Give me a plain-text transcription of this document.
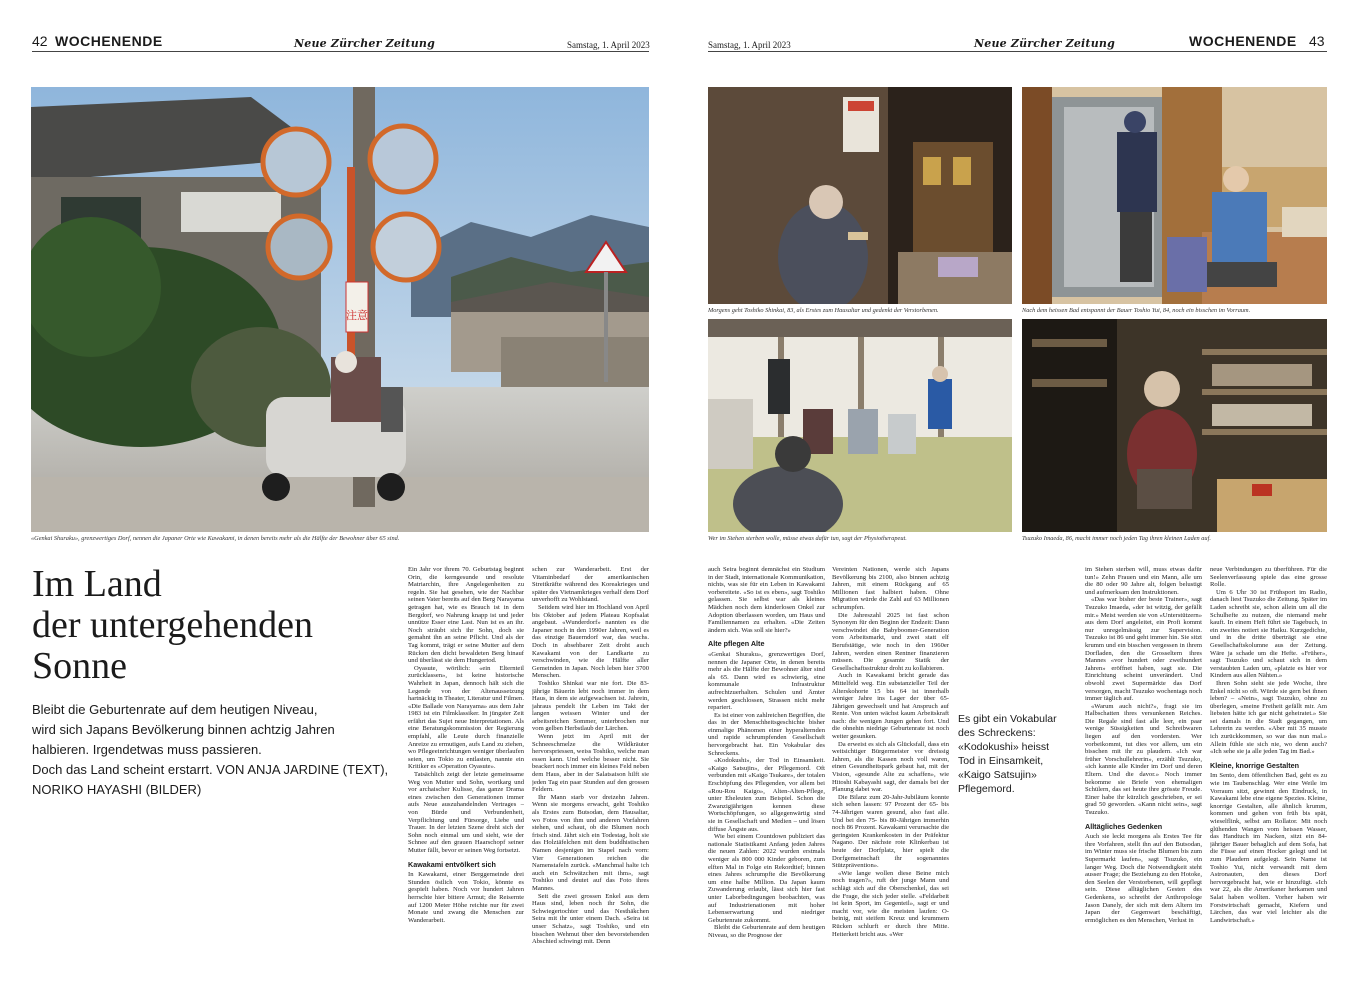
42 WOCHENENDE	Neue Zürcher Zeitung	Samstag, 1. April 2023	Samstag, 1. April 2023	Neue Zürcher Zeitung	WOCHENENDE 43
注意
«Genkai Shuraku», grenzwertiges Dorf, nennen die Japaner Orte wie Kawakami, in denen bereits mehr als die Hälfte der Bewohner über 65 sind.
Morgens geht Toshiko Shinkai, 83, als Erstes zum Hausaltar und gedenkt der Verstorbenen.	Nach dem heissen Bad entspannt der Bauer Toshio Yui, 84, noch ein bisschen im Vorraum.
Wer im Stehen sterben wolle, müsse etwas dafür tun, sagt der Physiotherapeut.	Tsuzuko Imaeda, 86, macht immer noch jeden Tag ihren kleinen Laden auf.
Im Land
der untergehenden
Sonne
Bleibt die Geburtenrate auf dem heutigen Niveau,
wird sich Japans Bevölkerung binnen achtzig Jahren
halbieren. Irgendetwas muss passieren.
Doch das Land scheint erstarrt. VON ANJA JARDINE (TEXT),
NORIKO HAYASHI (BILDER)

Ein Jahr vor ihrem 70. Geburtstag beginnt Orin, die kerngesunde und resolute Matriarchin, ihre Angelegenheiten zu regeln. Sie hat gesehen, wie der Nachbar seinen Vater bereits auf den Berg Narayama getragen hat, wie es Brauch ist in dem Bergdorf, wo Nahrung knapp ist und jeder unnütze Esser eine Last. Nun ist es an ihr. Noch sträubt sich ihr Sohn, doch sie gemahnt ihn an seine Pflicht. Und als der Tag kommt, trägt er seine Mutter auf dem Rücken den dicht bewaldeten Berg hinauf und überlässt sie dem Hungertod.

Oyasute, wörtlich: «ein Elternteil zurücklassen», ist keine historische Wahrheit in Japan, dennoch hält sich die Legende von der Altenaussetzung hartnäckig in Theater, Literatur und Filmen. «Die Ballade von Narayama» aus dem Jahr 1983 ist ein Filmklassiker. In jüngster Zeit erfährt das Sujet neue Interpretationen. Als eine Beratungskommission der Regierung empfahl, alle Leute durch finanzielle Anreize zu ermutigen, aufs Land zu ziehen, wo Pflegeeinrichtungen weniger überlaufen seien, um Tokio zu entlasten, nannte ein Kritiker es «Operation Oyasute».

Tatsächlich zeigt der letzte gemeinsame Weg von Mutter und Sohn, wortkarg und vor archaischer Kulisse, das ganze Drama eines zwischen den Generationen immer aufs Neue auszuhandelnden Vertrages – von Bürde und Verbundenheit, Verpflichtung und Fürsorge, Liebe und Trauer. In der letzten Szene dreht sich der Sohn noch einmal um und sieht, wie der Schnee auf den grauen Haarschopf seiner Mutter fällt, bevor er seinen Weg fortsetzt.

Kawakami entvölkert sich

In Kawakami, einer Berggemeinde drei Stunden östlich von Tokio, könnte es gespielt haben. Noch vor hundert Jahren herrschte hier bittere Armut; die Reisernte auf 1200 Meter Höhe reichte nur für zwei Monate und zwang die Menschen zur Wanderarbeit.

schen zur Wanderarbeit. Erst der Vitaminbedarf der amerikanischen Streitkräfte während des Koreakrieges und später des Vietnamkrieges verhalf dem Dorf unverhofft zu Wohlstand.

Seitdem wird hier im Hochland von April bis Oktober auf jedem Plateau Kopfsalat angebaut. «Wunderdorf» nannten es die Japaner noch in den 1990er Jahren, weil es das einzige Bauerndorf war, das wuchs. Doch in absehbarer Zeit droht auch Kawakami von der Landkarte zu verschwinden, wie die Hälfte aller Gemeinden in Japan. Noch leben hier 3700 Menschen.

Toshiko Shinkai war nie fort. Die 83-jährige Bäuerin lebt noch immer in dem Haus, in dem sie aufgewachsen ist. Jahrein, jahraus pendelt ihr Leben im Takt der langen weissen Winter und der arbeitsreichen Sommer, unterbrochen nur vom gelben Herbstlaub der Lärchen.

Wenn jetzt im April mit der Schneeschmelze die Wildkräuter hervorspriessen, weiss Toshiko, welche man essen kann. Und welche besser nicht. Sie beackert noch immer ein kleines Feld neben dem Haus, aber in der Salatsaison hilft sie jeden Tag ein paar Stunden auf den grossen Feldern.

Ihr Mann starb vor dreizehn Jahren. Wenn sie morgens erwacht, geht Toshiko als Erstes zum Butsodan, dem Hausaltar, wo Fotos von ihm und anderen Vorfahren stehen, und schaut, ob die Blumen noch frisch sind. Jährt sich ein Todestag, holt sie das Holztäfelchen mit dem buddhistischen Namen desjenigen im Stapel nach vorn: Vier Generationen reichen die Namenstafeln zurück. «Manchmal halte ich auch ein Schwätzchen mit ihm», sagt Toshiko und deutet auf das Foto ihres Mannes.

Seit die zwei grossen Enkel aus dem Haus sind, leben noch ihr Sohn, die Schwiegertochter und das Nesthäkchen Seira mit ihr unter einem Dach. «Seira ist unser Schatz», sagt Toshiko, und ein bisschen Wehmut über den bevorstehenden Abschied schwingt mit. Denn

auch Seira beginnt demnächst ein Studium in der Stadt, internationale Kommunikation, nichts, was sie für ein Leben in Kawakami vorbereitete. «So ist es eben», sagt Toshiko gelassen. Sie selbst war als kleines Mädchen noch dem kinderlosen Onkel zur Adoption überlassen worden, um Haus und Familiennamen zu erhalten. «Die Zeiten ändern sich. Was soll sie hier?»

Alte pflegen Alte

«Genkai Shuraku», grenzwertiges Dorf, nennen die Japaner Orte, in denen bereits mehr als die Hälfte der Bewohner älter sind als 65. Dann wird es schwierig, eine kommunale Infrastruktur aufrechtzuerhalten. Schulen und Ämter werden geschlossen, Strassen nicht mehr repariert.

Es ist einer von zahlreichen Begriffen, die das in der Menschheitsgeschichte bisher einmalige Phänomen einer hyperalternden und rapide schrumpfenden Gesellschaft hervorgebracht hat. Ein Vokabular des Schreckens.

«Kodokushi», der Tod in Einsamkeit. «Kaigo Satsujin», der Pflegemord. Oft verbunden mit «Kaigo Tsukare», der totalen Erschöpfung des Pflegenden, vor allem bei «Rou-Rou Kaigo», Alten-Alten-Pflege, unter Eheleuten zum Beispiel. Schon die Zwanzigjährigen kennen diese Wortschöpfungen, so allgegenwärtig sind sie in Gesellschaft und Medien – und lösen diffuse Ängste aus.

Wie bei einem Countdown publiziert das nationale Statistikamt Anfang jeden Jahres die neuen Zahlen: 2022 wurden erstmals weniger als 800 000 Kinder geboren, zum elften Mal in Folge ein Rekordtief; binnen eines Jahres schrumpfte die Bevölkerung um eine halbe Million. Da Japan kaum Zuwanderung erlaubt, lässt sich hier fast unter Laborbedingungen beobachten, was auf Industrienationen mit hoher Lebenserwartung und niedriger Geburtenrate zukommt.

Bleibt die Geburtenrate auf dem heutigen Niveau, so die Prognose der

Vereinten Nationen, werde sich Japans Bevölkerung bis 2100, also binnen achtzig Jahren, mit einem Rückgang auf 65 Millionen fast halbiert haben. Ohne Migration würde die Zahl auf 63 Millionen schrumpfen.

Die Jahreszahl 2025 ist fast schon Synonym für den Beginn der Endzeit: Dann verschwindet die Babyboomer-Generation vom Arbeitsmarkt, und zwei statt elf Berufstätige, wie noch in den 1960er Jahren, werden einen Rentner finanzieren müssen. Die gesamte Statik der Gesellschaftsstruktur droht zu kollabieren.

Auch in Kawakami bricht gerade das Mittelfeld weg. Ein substanzieller Teil der Alterskohorte 15 bis 64 ist innerhalb weniger Jahre ins Lager der über 65-Jährigen gewechselt und hat Anspruch auf Rente. Von unten wächst kaum Arbeitskraft nach: die wenigen Jungen gehen fort. Und die ohnehin niedrige Geburtenrate ist noch weiter gesunken.

Da erweist es sich als Glücksfall, dass ein weitsichtiger Bürgermeister vor dreissig Jahren, als die Kassen noch voll waren, einen Gesundheitspark gebaut hat, mit der Vision, «gesunde Alte zu schaffen», wie Hitoshi Kabayashi sagt, der damals bei der Planung dabei war.

Die Bilanz zum 20-Jahr-Jubiläum konnte sich sehen lassen: 97 Prozent der 65- bis 74-Jährigen waren gesund, also fast alle. Und bei den 75- bis 80-Jährigen immerhin noch 86 Prozent. Kawakami verursachte die geringsten Krankenkosten in der Präfektur Nagano. Der nächste rote Klinkerbau ist heute der Dorfplatz, hier spielt die Dorfgemeinschaft ihr sogenanntes Stützprävention».

«Wie lange wollen diese Beine mich noch tragen?», ruft der junge Mann und schlägt sich auf die Oberschenkel, das sei die Frage, die sich jeder stelle. «Feldarbeit ist kein Sport, im Gegenteil», sagt er und macht vor, wie die meisten laufen: O-beinig, mit steifem Kreuz und krummem Rücken schlurft er durch ihre Mitte. Heiterkeit bricht aus. «Wer

Es gibt ein Vokabular
des Schreckens:
«Kodokushi» heisst
Tod in Einsamkeit,
«Kaigo Satsujin»
Pflegemord.

im Stehen sterben will, muss etwas dafür tun!» Zehn Frauen und ein Mann, alle um die 80 oder 90 Jahre alt, folgen belustigt und aufmerksam den Instruktionen.

«Das war bisher der beste Trainer», sagt Tsuzuko Imaeda, «der ist witzig, der gefällt mir.» Meist werden sie von «Unterstützern» aus dem Dorf angeleitet, ein Profi kommt nur unregelmässig zur Supervision. Tsuzuko ist 86 und geht immer hin. Sie sitzt krumm und ein bisschen vergessen in ihrem Dorfladen, den die Grosseltern ihres Mannes «vor hundert oder zweihundert Jahren» eröffnet haben, sagt sie. Die Einrichtung scheint unverändert. Und obwohl zwei Supermärkte das Dorf versorgen, macht Tsuzuko wochentags noch immer täglich auf.

«Warum auch nicht?», fragt sie im Halbschatten ihres versunkenen Reiches. Die Regale sind fast alle leer, ein paar wenige Süssigkeiten und Schreibwaren liegen auf den vordersten. Wer vorbeikommt, tut dies vor allem, um ein bisschen mit ihr zu plaudern. «Ich war früher Vorschullehrerin», erzählt Tsuzuko, «ich kannte alle Kinder im Dorf und deren Eltern. Und die davor.» Noch immer bekomme sie Briefe von ehemaligen Schülern, das sei heute ihre grösste Freude. Einer habe ihr kürzlich geschrieben, er sei grad 50 geworden. «Kann nicht sein», sagt Tsuzuko.

Alltägliches Gedenken

Auch sie leckt morgens als Erstes Tee für ihre Vorfahren, stellt ihn auf den Butsodan, im Winter muss sie frische Blumen bis zum Supermarkt laufen», sagt Tsuzuko, ein langer Weg. Doch die Notwendigkeit steht ausser Frage; die Beziehung zu den Hotoke, den Seelen der Verstorbenen, will gepflegt sein. Diese alltäglichen Gesten des Gedenkens, so schreibt der Anthropologe Jason Danely, der sich mit dem Altern im Japan der Gegenwart beschäftigt, ermöglichen es den Menschen, Verlust in

neue Verbindungen zu überführen. Für die Seelenverfassung spiele das eine grosse Rolle.

Um 6 Uhr 30 ist Frühsport im Radio, danach liest Tsuzuko die Zeitung. Später im Laden schreibt sie, schon allein um all die Schulhefte zu nutzen, die niemand mehr kauft. In einem Heft führt sie Tagebuch, in ein zweites notiert sie Haiku. Kurzgedichte, und in die dritte überträgt sie eine Gesellschaftskolumne aus der Zeitung. Wäre ja schade um die Hefte. «Früher», sagt Tsuzuko und schaut sich in dem verstaubten Laden um, «platzte es hier vor Kindern aus allen Nähten.»

Ihren Sohn sieht sie jede Woche, ihre Enkel nicht so oft. Würde sie gern bei ihnen leben? – «Nein», sagt Tsuzuko, ohne zu überlegen, «meine Freiheit gefällt mir. Am liebsten hätte ich gar nicht geheiratet.» Sie sei damals in die Stadt gegangen, um Lehrerin zu werden. «Aber mit 35 musste ich zurückkommen, so war das nun mal.» Allein fühle sie sich nie, wo denn auch? «Ich sehe sie ja alle jeden Tag im Bad.»

Kleine, knorrige Gestalten

Im Sento, dem öffentlichen Bad, geht es zu wie im Taubenschlag. Wer eine Weile im Vorraum sitzt, gewinnt den Eindruck, in Kawakami lebe eine eigene Spezies. Kleine, knorrige Gestalten, alle ähnlich krumm, kommen und gehen von früh bis spät, wieselflink, selbst am Rollator. Mit noch glühenden Wangen vom heissen Wasser, das Handtuch im Nacken, sitzt ein 84-jähriger Bauer behaglich auf dem Sofa, hat die Füsse auf einen Hocker gelegt und ist zum Plaudern aufgelegt. Sein Name ist Toshio Yui, nicht verwandt mit dem Astronauten, den dieses Dorf hervorgebracht hat, wie er hinzufügt. «Ich war 22, als die Amerikaner herkamen und Salat haben wollten. Vorher haben wir Forstwirtschaft gemacht, Kiefern und Lärchen, das war viel leichter als die Landwirtschaft.»
